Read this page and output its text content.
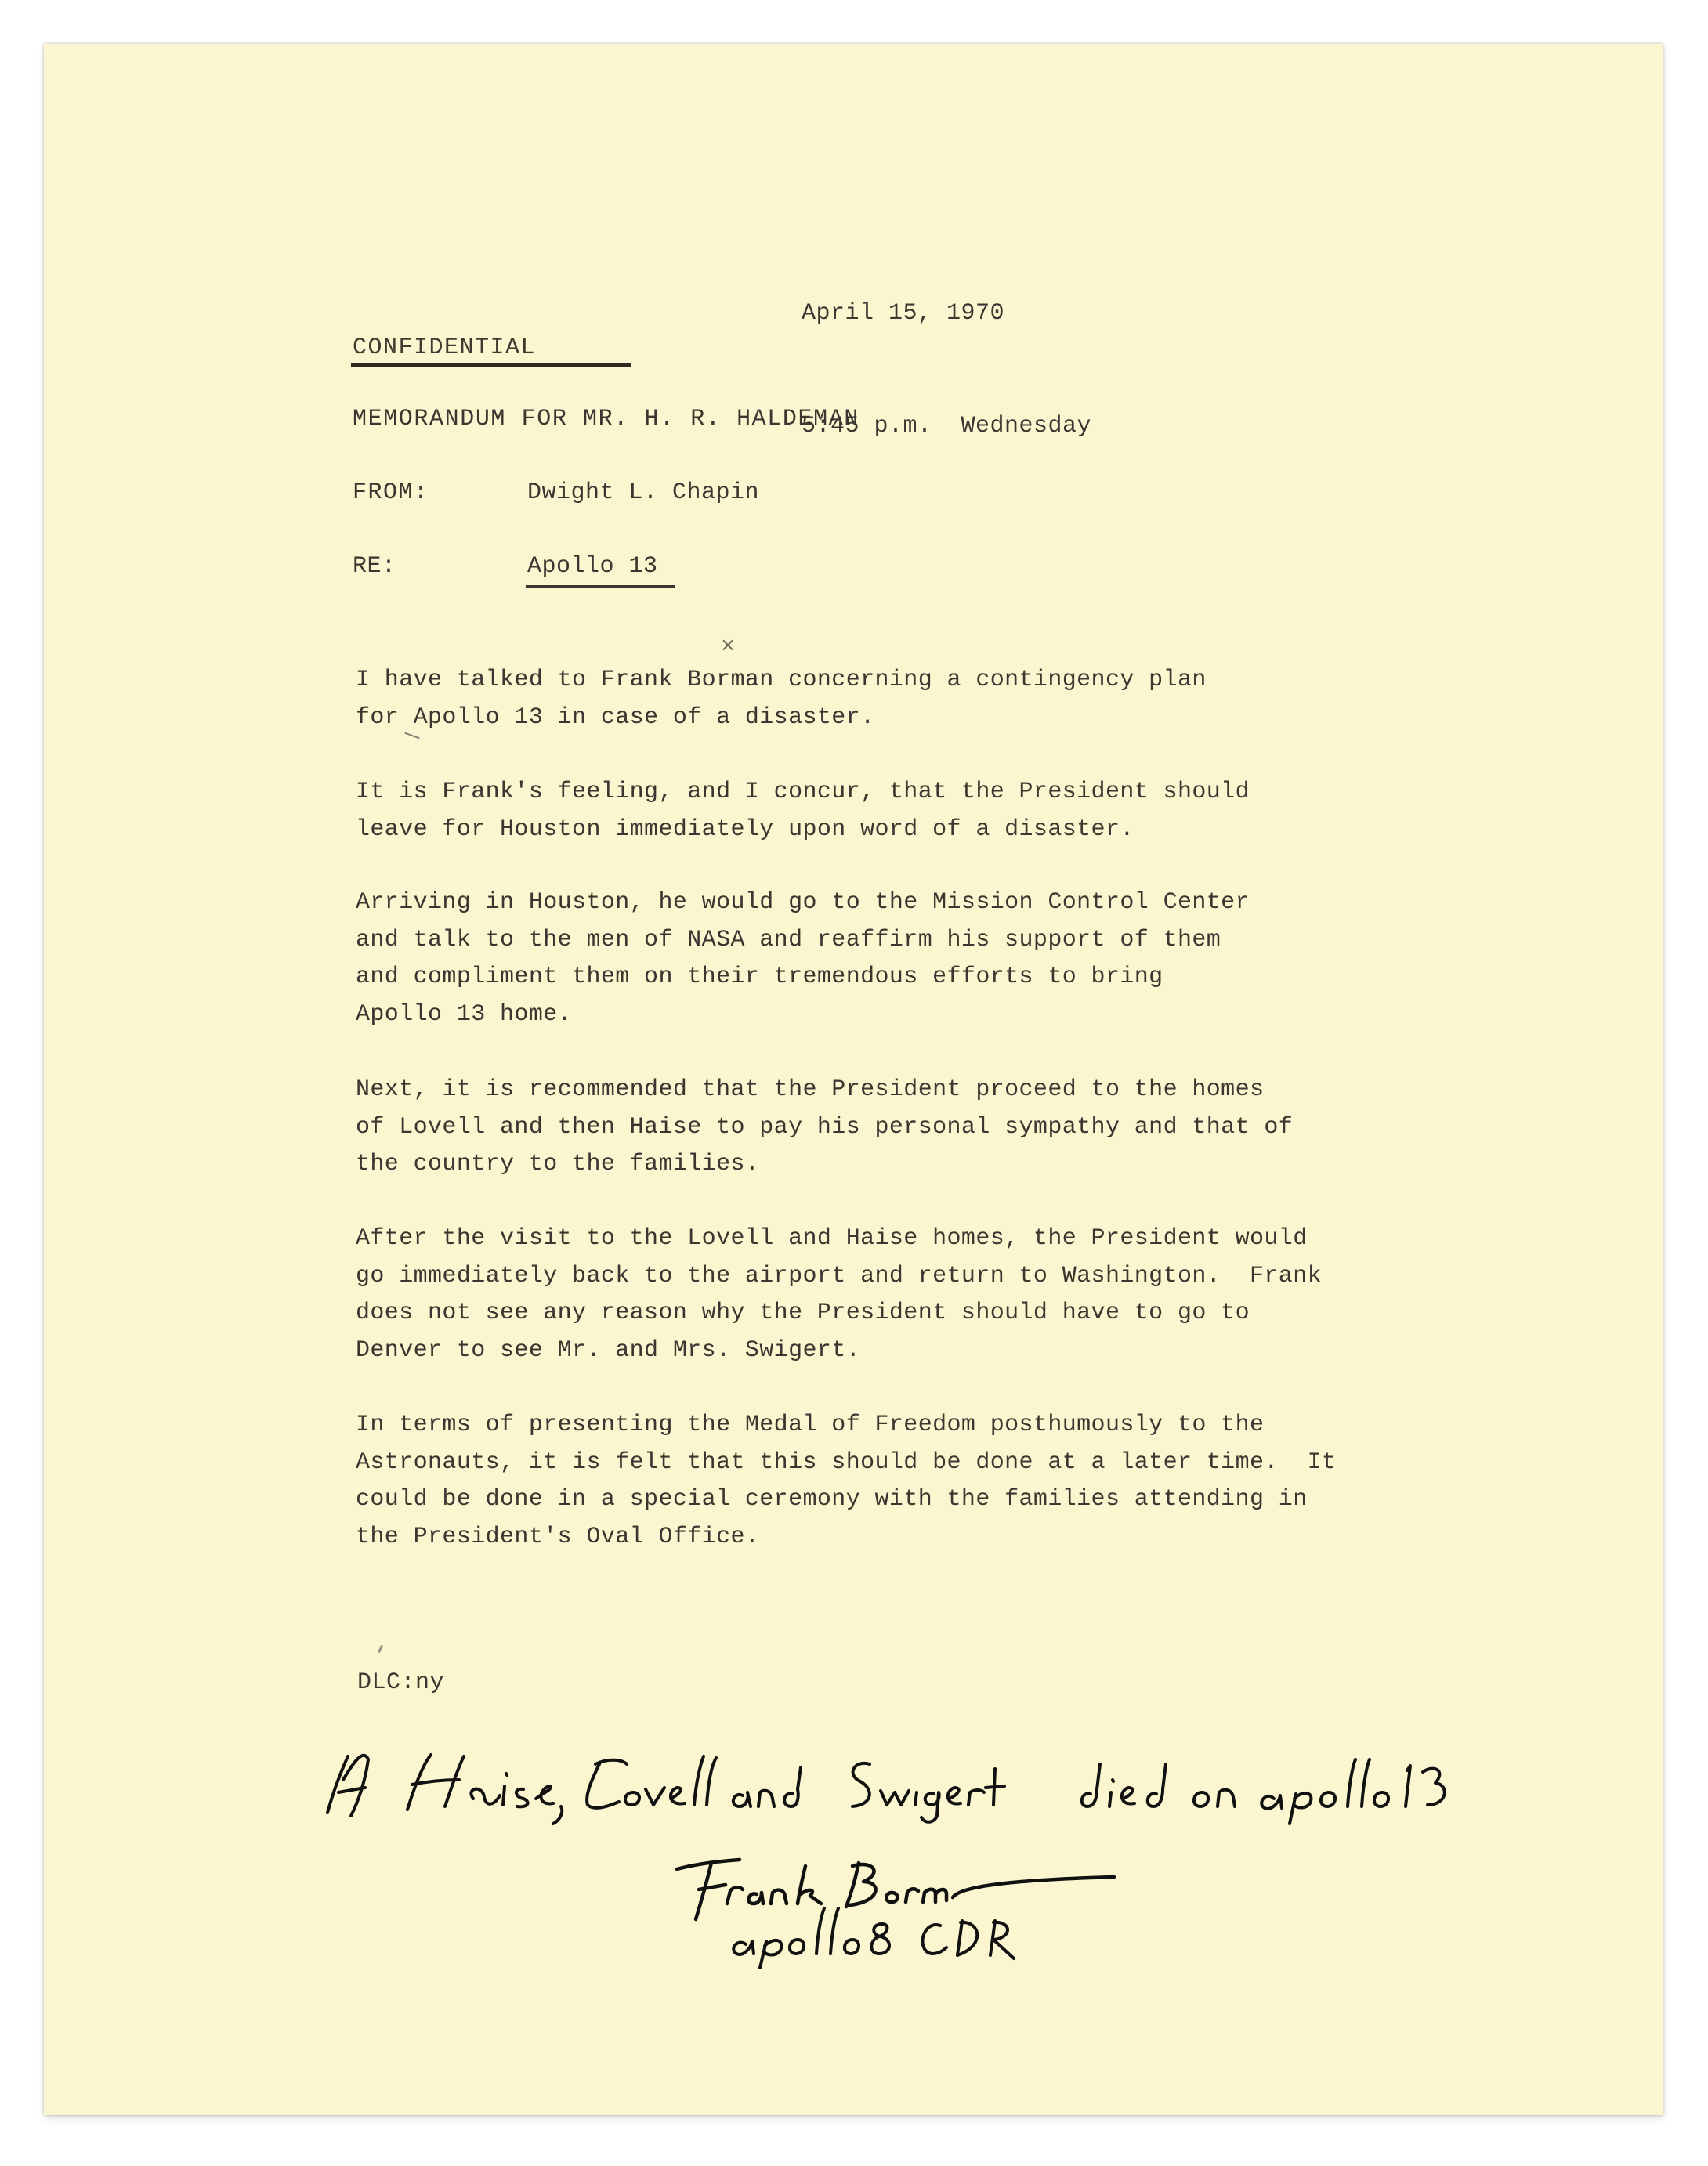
April 15, 1970

5:45 p.m.  Wednesday

CONFIDENTIAL
MEMORANDUM FOR MR. H. R. HALDEMAN
FROM:	Dwight L. Chapin
RE:	Apollo 13
×
I have talked to Frank Borman concerning a contingency plan
for Apollo 13 in case of a disaster.
It is Frank's feeling, and I concur, that the President should
leave for Houston immediately upon word of a disaster.
Arriving in Houston, he would go to the Mission Control Center
and talk to the men of NASA and reaffirm his support of them
and compliment them on their tremendous efforts to bring
Apollo 13 home.
Next, it is recommended that the President proceed to the homes
of Lovell and then Haise to pay his personal sympathy and that of
the country to the families.
After the visit to the Lovell and Haise homes, the President would
go immediately back to the airport and return to Washington.  Frank
does not see any reason why the President should have to go to
Denver to see Mr. and Mrs. Swigert.
In terms of presenting the Medal of Freedom posthumously to the
Astronauts, it is felt that this should be done at a later time.  It
could be done in a special ceremony with the families attending in
the President's Oval Office.
DLC:ny
